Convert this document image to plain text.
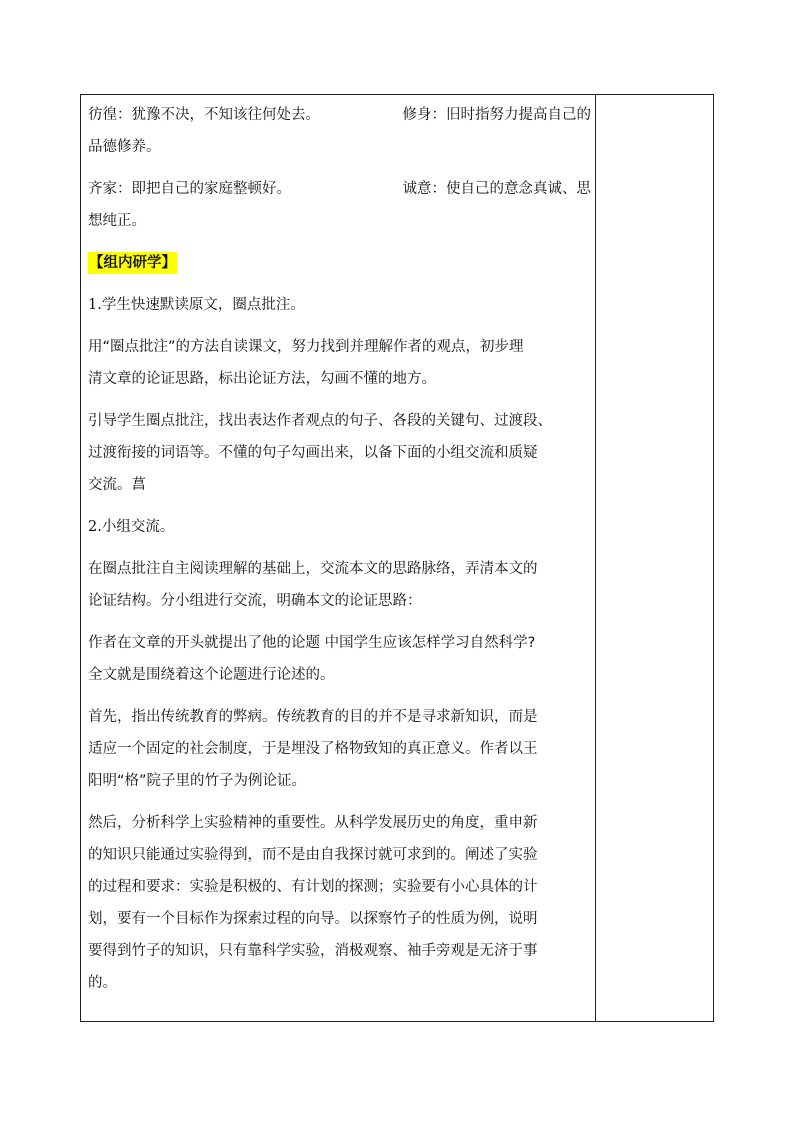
彷徨：犹豫不决，不知该往何处去。	修身：旧时指努力提高自己的
品德修养。
齐家：即把自己的家庭整顿好。	诚意：使自己的意念真诚、思
想纯正。
【组内研学】
1.学生快速默读原文，圈点批注。
用“圈点批注”的方法自读课文，努力找到并理解作者的观点，初步理
清文章的论证思路，标出论证方法，勾画不懂的地方。
引导学生圈点批注，找出表达作者观点的句子、各段的关键句、过渡段、
过渡衔接的词语等。不懂的句子勾画出来，以备下面的小组交流和质疑
交流。菖
2.小组交流。
在圈点批注自主阅读理解的基础上，交流本文的思路脉络，弄清本文的
论证结构。分小组进行交流，明确本文的论证思路：
作者在文章的开头就提出了他的论题 中国学生应该怎样学习自然科学?
全文就是围绕着这个论题进行论述的。
首先，指出传统教育的弊病。传统教育的目的并不是寻求新知识，而是
适应一个固定的社会制度，于是埋没了格物致知的真正意义。作者以王
阳明“格”院子里的竹子为例论证。
然后，分析科学上实验精神的重要性。从科学发展历史的角度，重申新
的知识只能通过实验得到，而不是由自我探讨就可求到的。阐述了实验
的过程和要求：实验是积极的、有计划的探测；实验要有小心具体的计
划，要有一个目标作为探索过程的向导。以探察竹子的性质为例，说明
要得到竹子的知识，只有靠科学实验，消极观察、袖手旁观是无济于事
的。
